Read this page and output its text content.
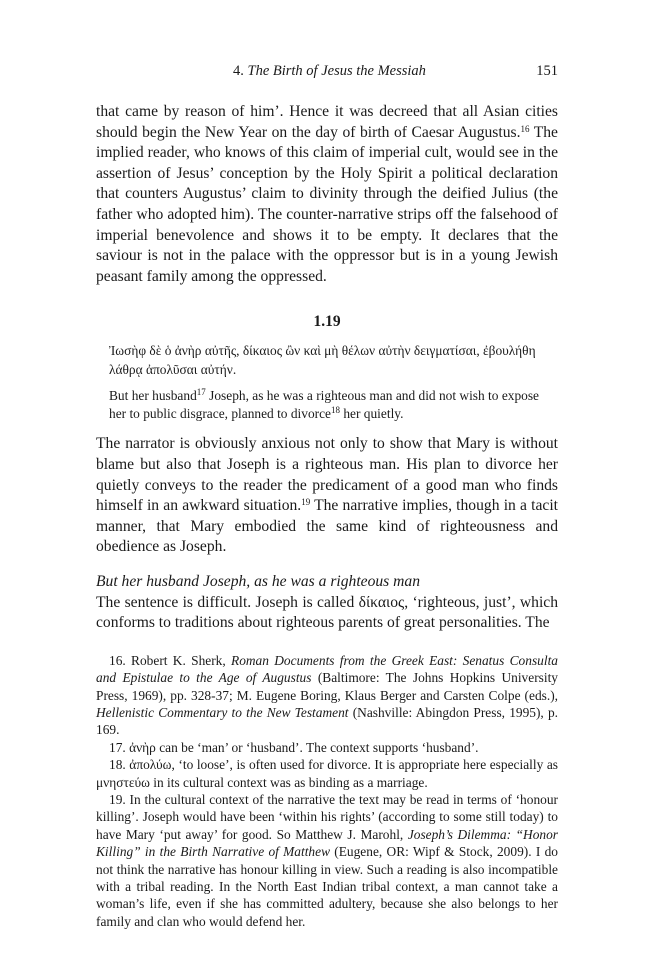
4. The Birth of Jesus the Messiah	151

that came by reason of him’. Hence it was decreed that all Asian cities should begin the New Year on the day of birth of Caesar Augustus.$^{16}$ The implied reader, who knows of this claim of imperial cult, would see in the assertion of Jesus’ conception by the Holy Spirit a political declaration that counters Augustus’ claim to divinity through the deified Julius (the father who adopted him). The counter-narrative strips off the falsehood of imperial benevolence and shows it to be empty. It declares that the saviour is not in the palace with the oppressor but is in a young Jewish peasant family among the oppressed.

1.19

Ἰωσὴφ δὲ ὁ ἀνὴρ αὐτῆς, δίκαιος ὢν καὶ μὴ θέλων αὐτὴν δειγματίσαι, ἐβουλήθη λάθρᾳ ἀπολῦσαι αὐτήν.

But her husband$^{17}$ Joseph, as he was a righteous man and did not wish to expose her to public disgrace, planned to divorce$^{18}$ her quietly.

The narrator is obviously anxious not only to show that Mary is without blame but also that Joseph is a righteous man. His plan to divorce her quietly conveys to the reader the predicament of a good man who finds himself in an awkward situation.$^{19}$ The narrative implies, though in a tacit manner, that Mary embodied the same kind of righteousness and obedience as Joseph.

But her husband Joseph, as he was a righteous man

The sentence is difficult. Joseph is called δίκαιος, ‘righteous, just’, which conforms to traditions about righteous parents of great personalities. The

16. Robert K. Sherk, Roman Documents from the Greek East: Senatus Consulta and Epistulae to the Age of Augustus (Baltimore: The Johns Hopkins University Press, 1969), pp. 328-37; M. Eugene Boring, Klaus Berger and Carsten Colpe (eds.), Hellenistic Commentary to the New Testament (Nashville: Abingdon Press, 1995), p. 169.

17. ἀνὴρ can be ‘man’ or ‘husband’. The context supports ‘husband’.

18. ἀπολύω, ‘to loose’, is often used for divorce. It is appropriate here especially as μνηστεύω in its cultural context was as binding as a marriage.

19. In the cultural context of the narrative the text may be read in terms of ‘honour killing’. Joseph would have been ‘within his rights’ (according to some still today) to have Mary ‘put away’ for good. So Matthew J. Marohl, Joseph’s Dilemma: “Honor Killing” in the Birth Narrative of Matthew (Eugene, OR: Wipf & Stock, 2009). I do not think the narrative has honour killing in view. Such a reading is also incompatible with a tribal reading. In the North East Indian tribal context, a man cannot take a woman’s life, even if she has committed adultery, because she also belongs to her family and clan who would defend her.
